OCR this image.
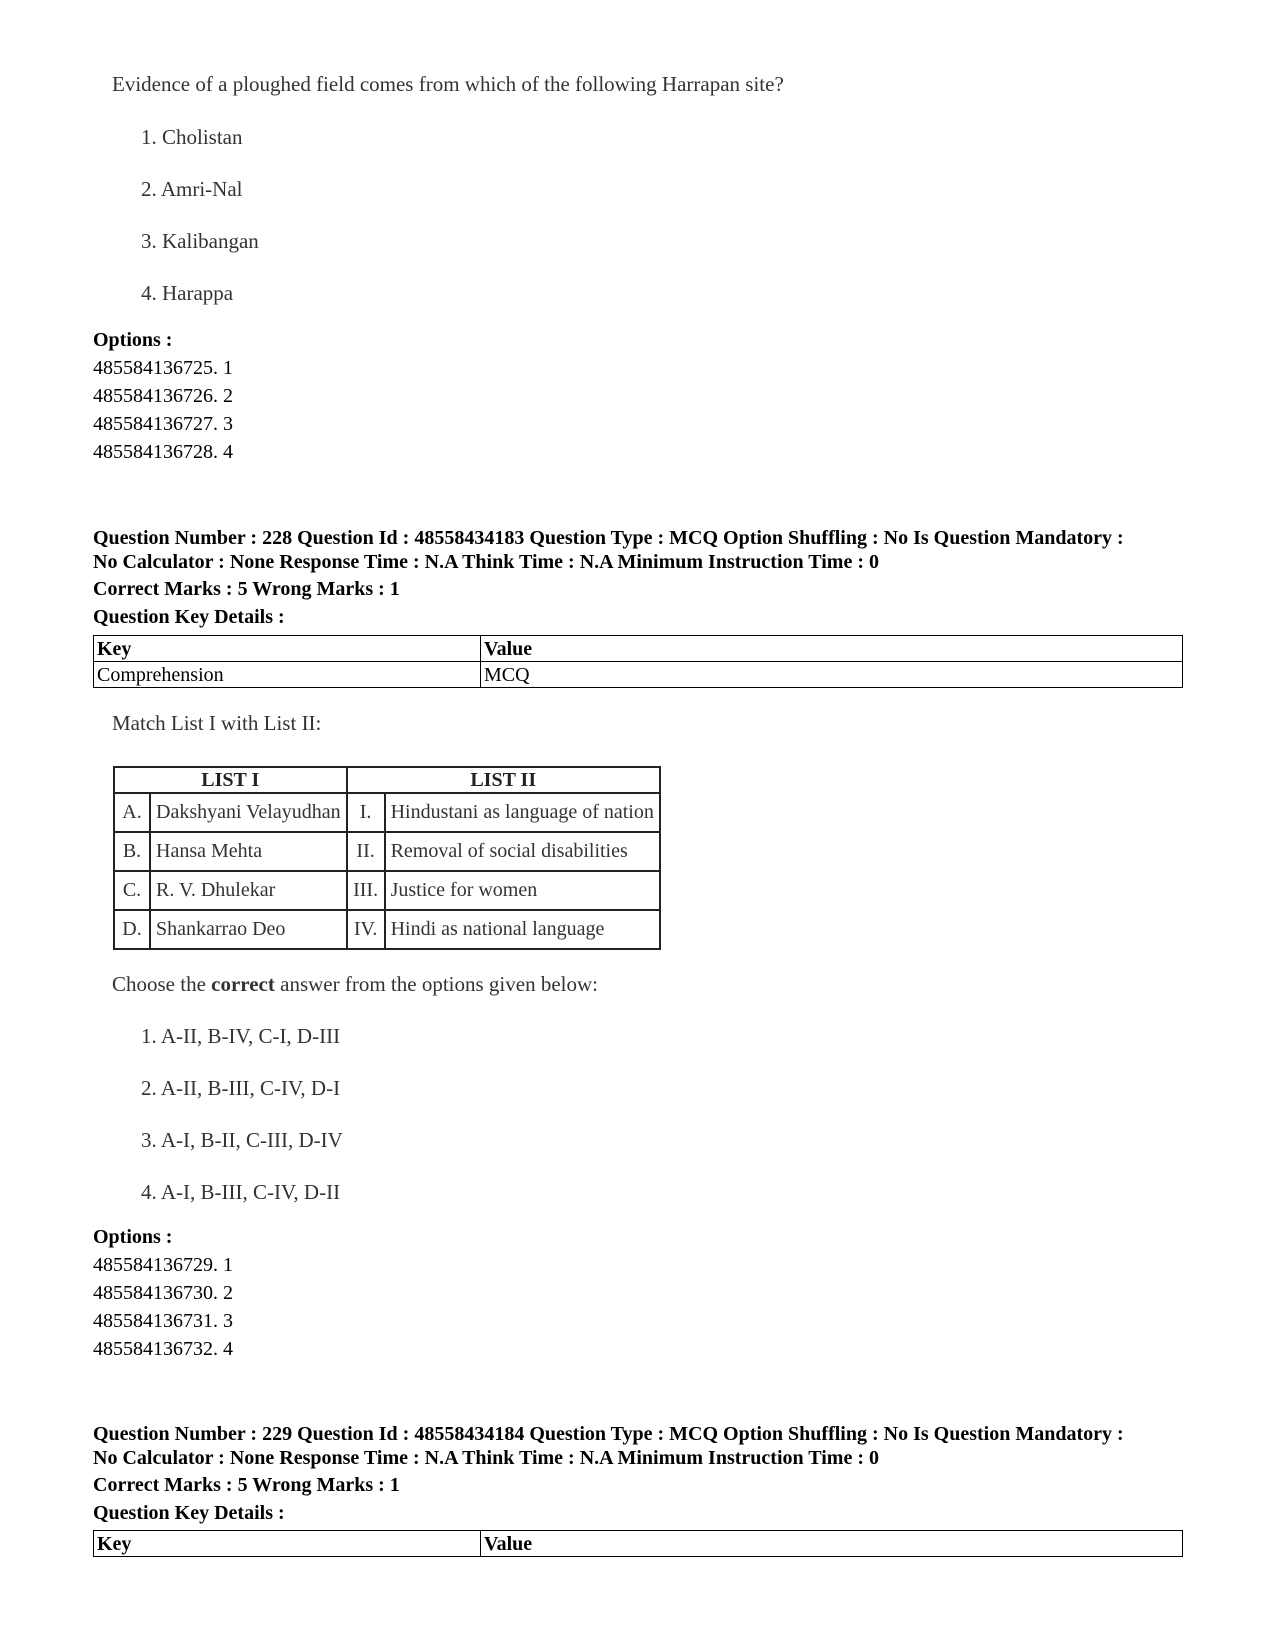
Evidence of a ploughed field comes from which of the following Harrapan site?
1. Cholistan
2. Amri-Nal
3. Kalibangan
4. Harappa
Options :
485584136725. 1
485584136726. 2
485584136727. 3
485584136728. 4
Question Number : 228 Question Id : 48558434183 Question Type : MCQ Option Shuffling : No Is Question Mandatory :
No Calculator : None Response Time : N.A Think Time : N.A Minimum Instruction Time : 0
Correct Marks : 5 Wrong Marks : 1
Question Key Details :
Key	Value
Comprehension	MCQ
Match List I with List II:
LIST I		LIST II	
A.	Dakshyani Velayudhan	I.	Hindustani as language of nation
B.	Hansa Mehta	II.	Removal of social disabilities
C.	R. V. Dhulekar	III.	Justice for women
D.	Shankarrao Deo	IV.	Hindi as national language
Choose the correct answer from the options given below:
1. A-II, B-IV, C-I, D-III
2. A-II, B-III, C-IV, D-I
3. A-I, B-II, C-III, D-IV
4. A-I, B-III, C-IV, D-II
Options :
485584136729. 1
485584136730. 2
485584136731. 3
485584136732. 4
Question Number : 229 Question Id : 48558434184 Question Type : MCQ Option Shuffling : No Is Question Mandatory :
No Calculator : None Response Time : N.A Think Time : N.A Minimum Instruction Time : 0
Correct Marks : 5 Wrong Marks : 1
Question Key Details :
Key	Value
